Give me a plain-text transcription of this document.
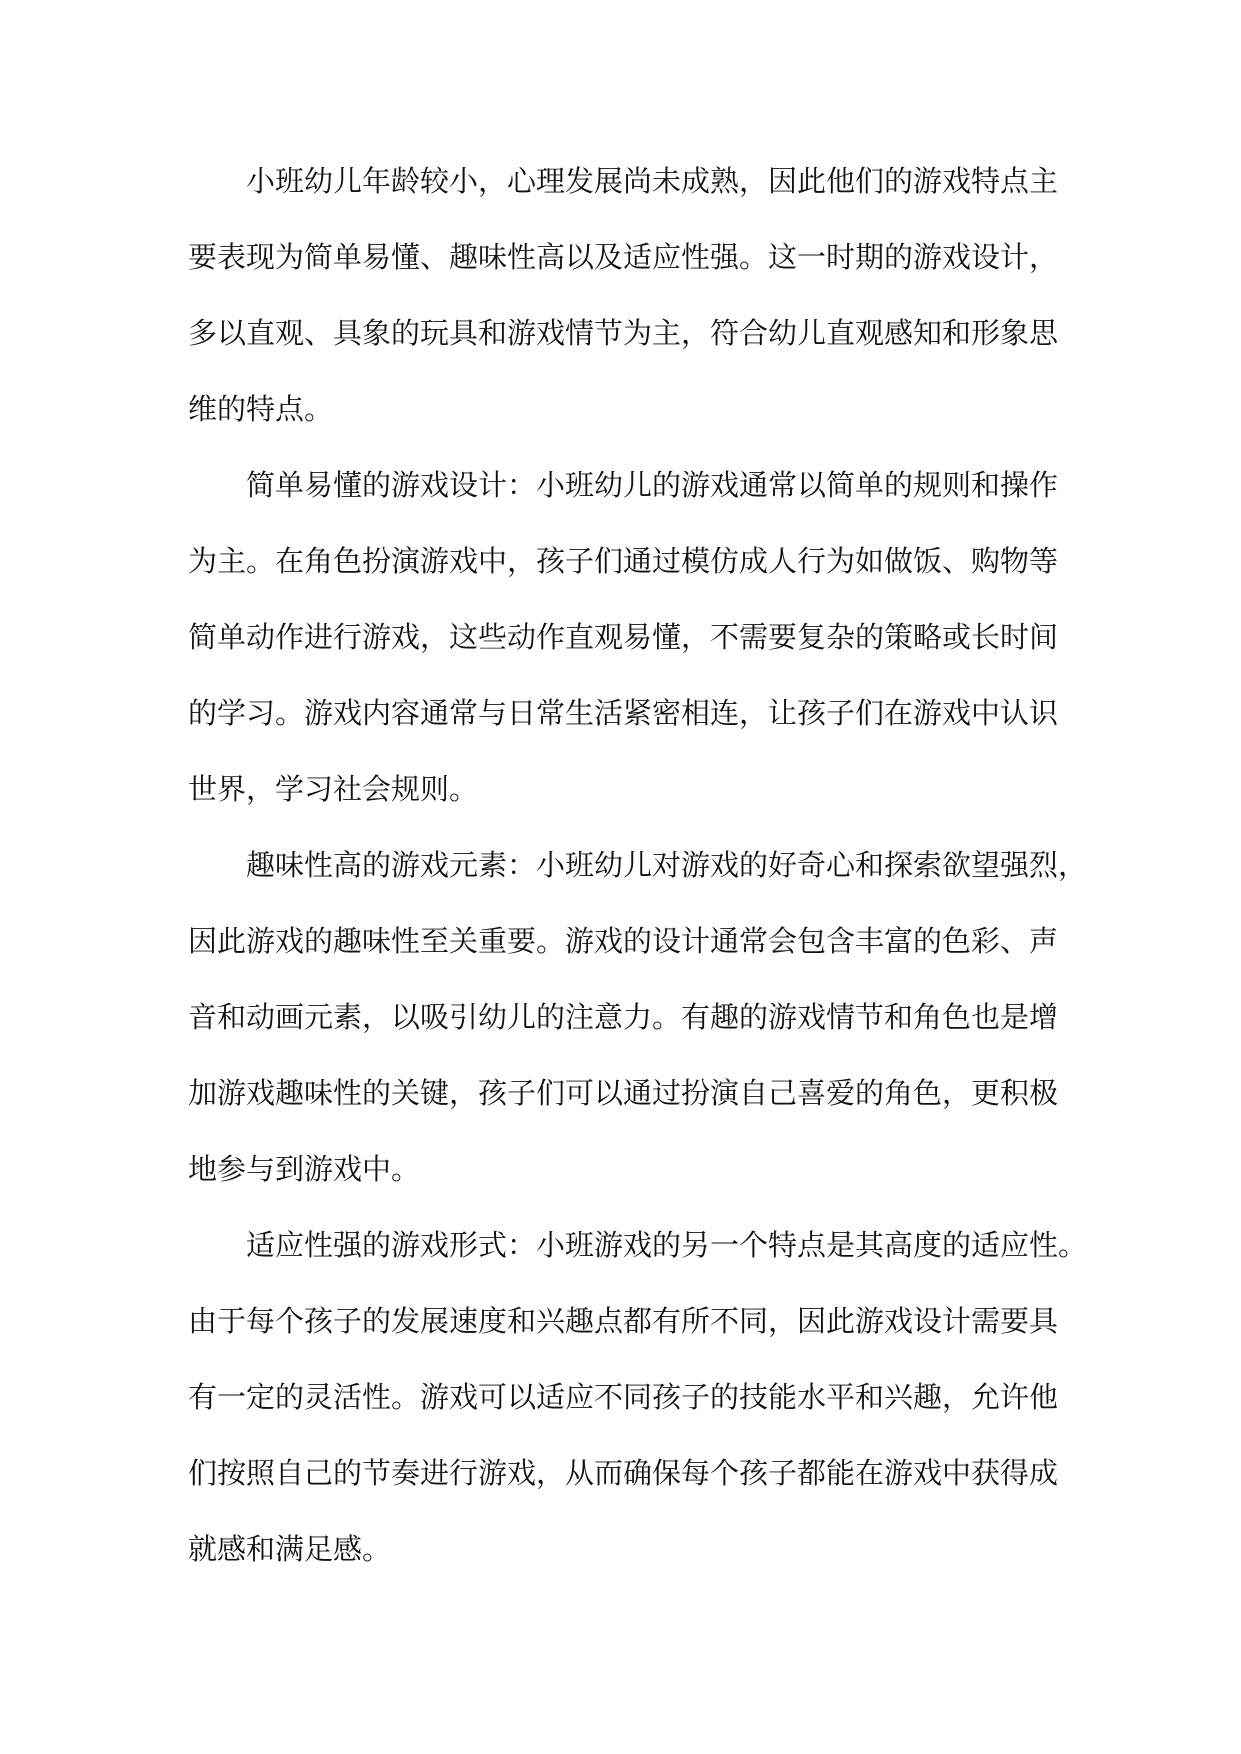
小班幼儿年龄较小，心理发展尚未成熟，因此他们的游戏特点主
要表现为简单易懂、趣味性高以及适应性强。这一时期的游戏设计，
多以直观、具象的玩具和游戏情节为主，符合幼儿直观感知和形象思
维的特点。
简单易懂的游戏设计：小班幼儿的游戏通常以简单的规则和操作
为主。在角色扮演游戏中，孩子们通过模仿成人行为如做饭、购物等
简单动作进行游戏，这些动作直观易懂，不需要复杂的策略或长时间
的学习。游戏内容通常与日常生活紧密相连，让孩子们在游戏中认识
世界，学习社会规则。
趣味性高的游戏元素：小班幼儿对游戏的好奇心和探索欲望强烈，
因此游戏的趣味性至关重要。游戏的设计通常会包含丰富的色彩、声
音和动画元素，以吸引幼儿的注意力。有趣的游戏情节和角色也是增
加游戏趣味性的关键，孩子们可以通过扮演自己喜爱的角色，更积极
地参与到游戏中。
适应性强的游戏形式：小班游戏的另一个特点是其高度的适应性。
由于每个孩子的发展速度和兴趣点都有所不同，因此游戏设计需要具
有一定的灵活性。游戏可以适应不同孩子的技能水平和兴趣，允许他
们按照自己的节奏进行游戏，从而确保每个孩子都能在游戏中获得成
就感和满足感。
